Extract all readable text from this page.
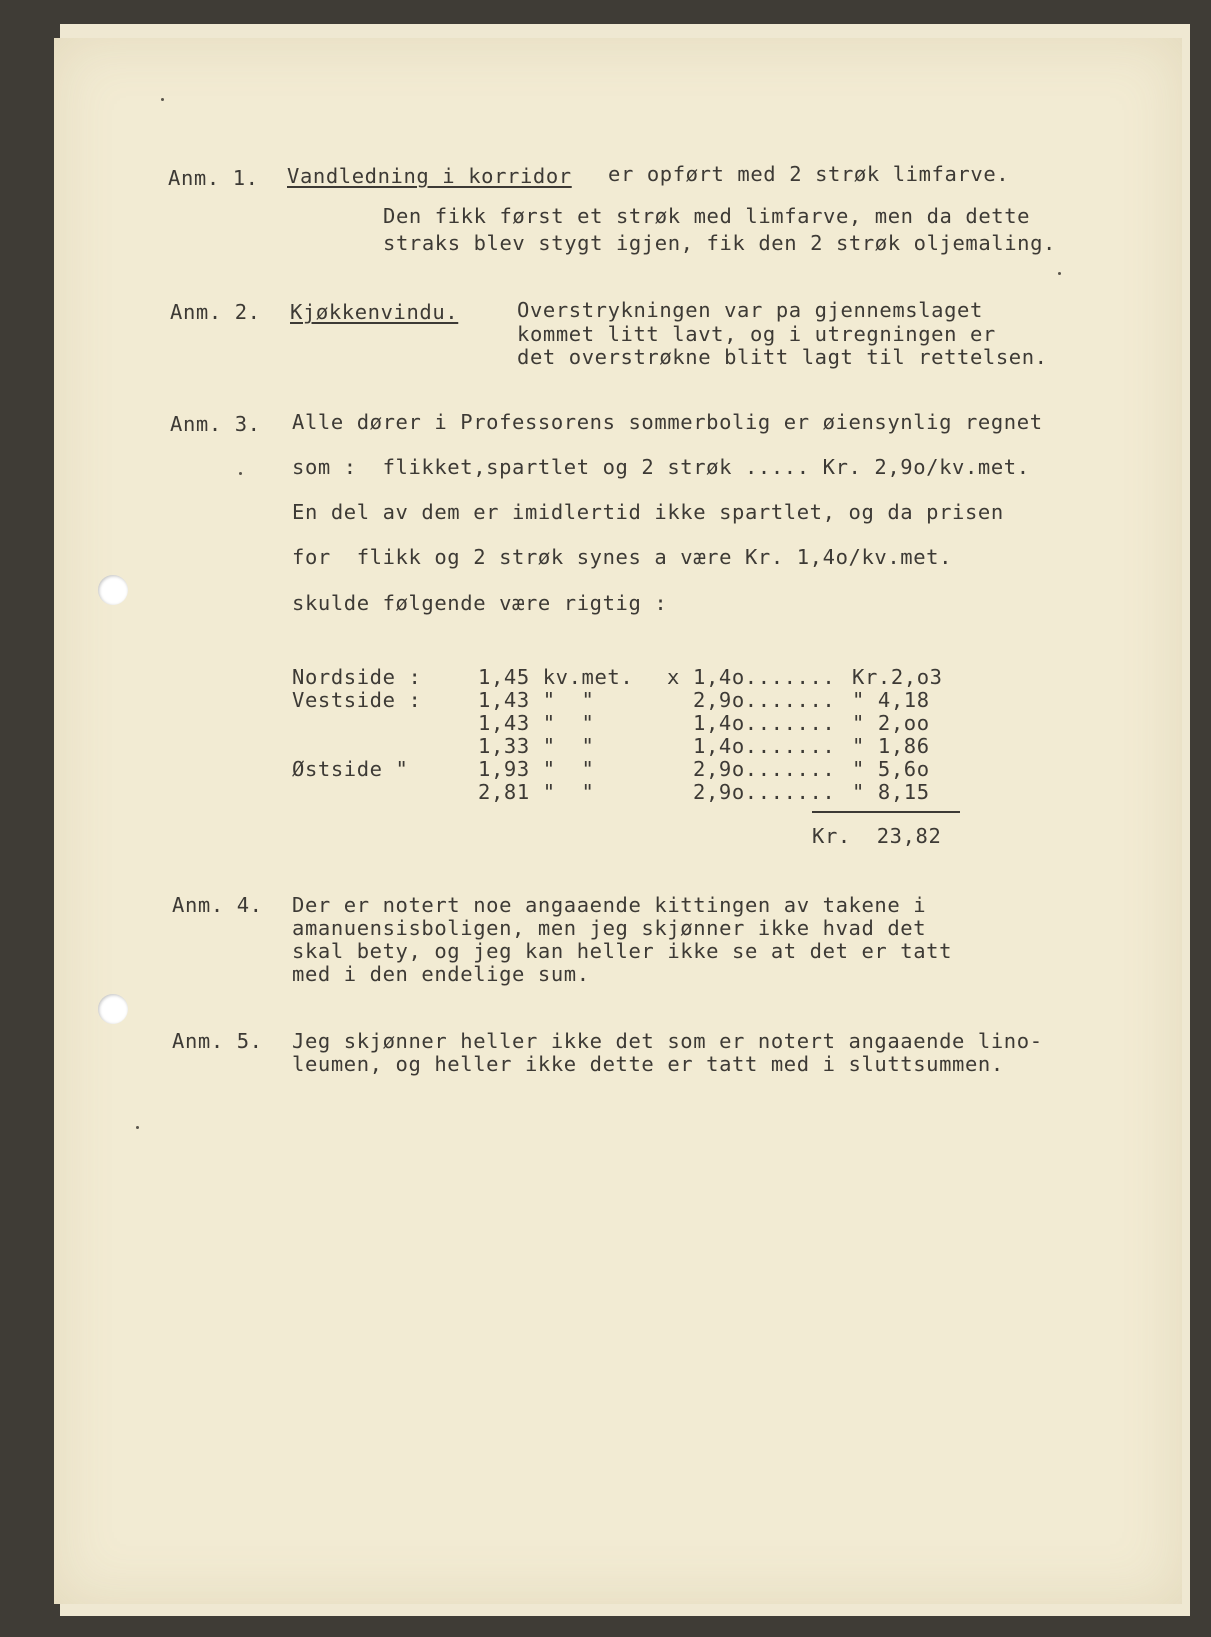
Anm. 1. Vandledning i korridor er opført med 2 strøk limfarve.
Den fikk først et strøk med limfarve, men da dette
straks blev stygt igjen, fik den 2 strøk oljemaling.
Anm. 2. Kjøkkenvindu.	Overstrykningen var pa gjennemslaget
kommet litt lavt, og i utregningen er
det overstrøkne blitt lagt til rettelsen.
Anm. 3. Alle dører i Professorens sommerbolig er øiensynlig regnet
som :  flikket,spartlet og 2 strøk ..... Kr. 2,9o/kv.met.
En del av dem er imidlertid ikke spartlet, og da prisen
for  flikk og 2 strøk synes a være Kr. 1,4o/kv.met.
skulde følgende være rigtig :
Nordside :	1,45 kv.met. x 1,4o....... Kr.2,o3
Vestside :	1,43 "  "	2,9o....... " 4,18
1,43 "  "	1,4o....... " 2,oo
1,33 "  "	1,4o....... " 1,86
Østside "	1,93 "  "	2,9o....... " 5,6o
2,81 "  "	2,9o....... " 8,15
Kr.  23,82
Anm. 4. Der er notert noe angaaende kittingen av takene i
amanuensisboligen, men jeg skjønner ikke hvad det
skal bety, og jeg kan heller ikke se at det er tatt
med i den endelige sum.
Anm. 5. Jeg skjønner heller ikke det som er notert angaaende lino-
leumen, og heller ikke dette er tatt med i sluttsummen.
